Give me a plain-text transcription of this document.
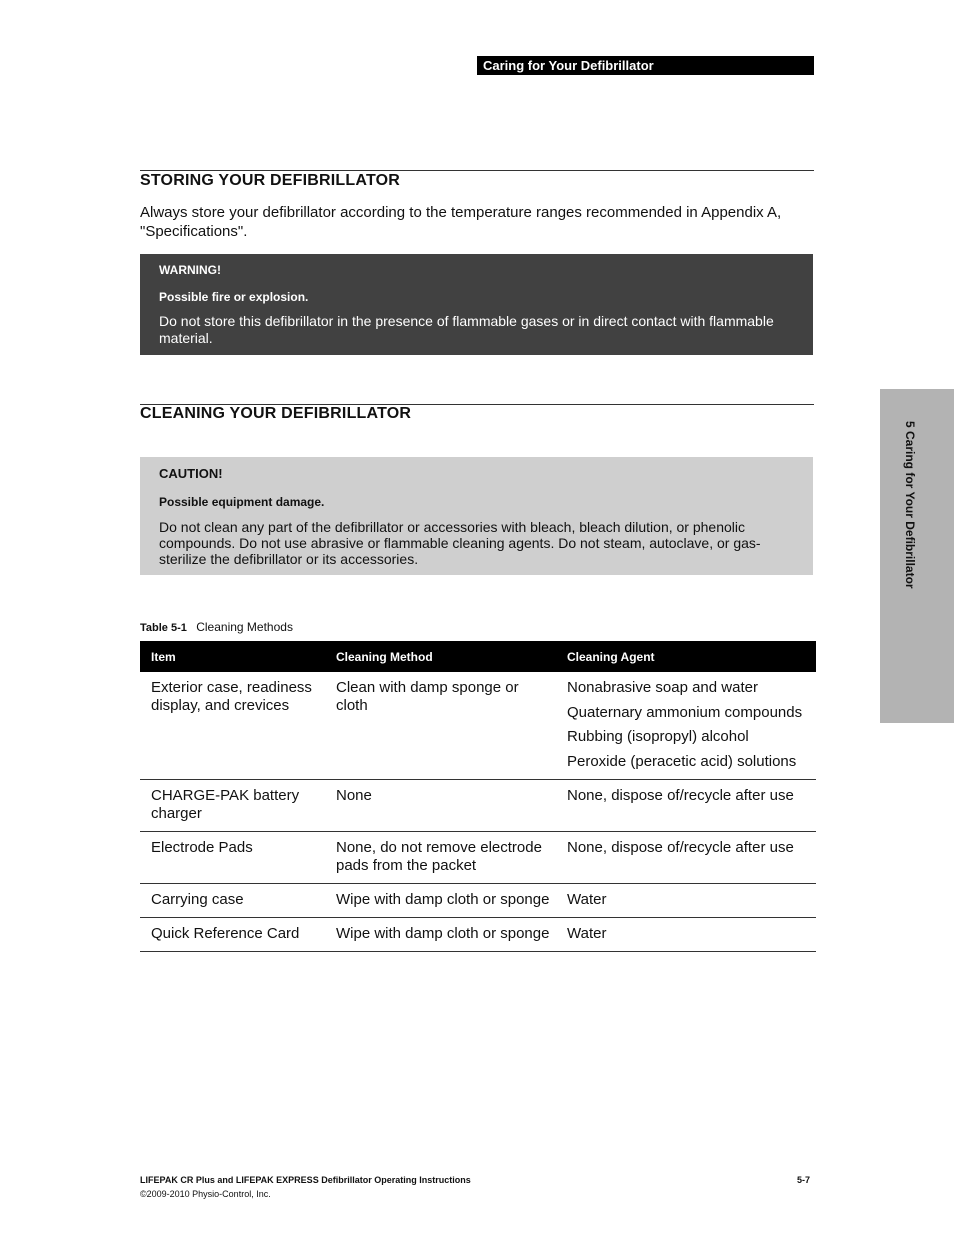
Caring for Your Defibrillator
STORING YOUR DEFIBRILLATOR
Always store your defibrillator according to the temperature ranges recommended in Appendix A, "Specifications".
WARNING!
Possible fire or explosion.
Do not store this defibrillator in the presence of flammable gases or in direct contact with flammable material.
CLEANING YOUR DEFIBRILLATOR
CAUTION!
Possible equipment damage.
Do not clean any part of the defibrillator or accessories with bleach, bleach dilution, or phenolic compounds. Do not use abrasive or flammable cleaning agents. Do not steam, autoclave, or gas-sterilize the defibrillator or its accessories.
Table 5-1 Cleaning Methods
Item	Cleaning Method	Cleaning Agent
Exterior case, readiness display, and crevices	Clean with damp sponge or cloth	Nonabrasive soap and water
Quaternary ammonium compounds
Rubbing (isopropyl) alcohol
Peroxide (peracetic acid) solutions

CHARGE-PAK battery charger	None	None, dispose of/recycle after use
Electrode Pads	None, do not remove electrode pads from the packet	None, dispose of/recycle after use
Carrying case	Wipe with damp cloth or sponge	Water
Quick Reference Card	Wipe with damp cloth or sponge	Water
5 Caring for Your Defibrillator
LIFEPAK CR Plus and LIFEPAK EXPRESS Defibrillator Operating Instructions
©2009-2010 Physio-Control, Inc.
5-7
